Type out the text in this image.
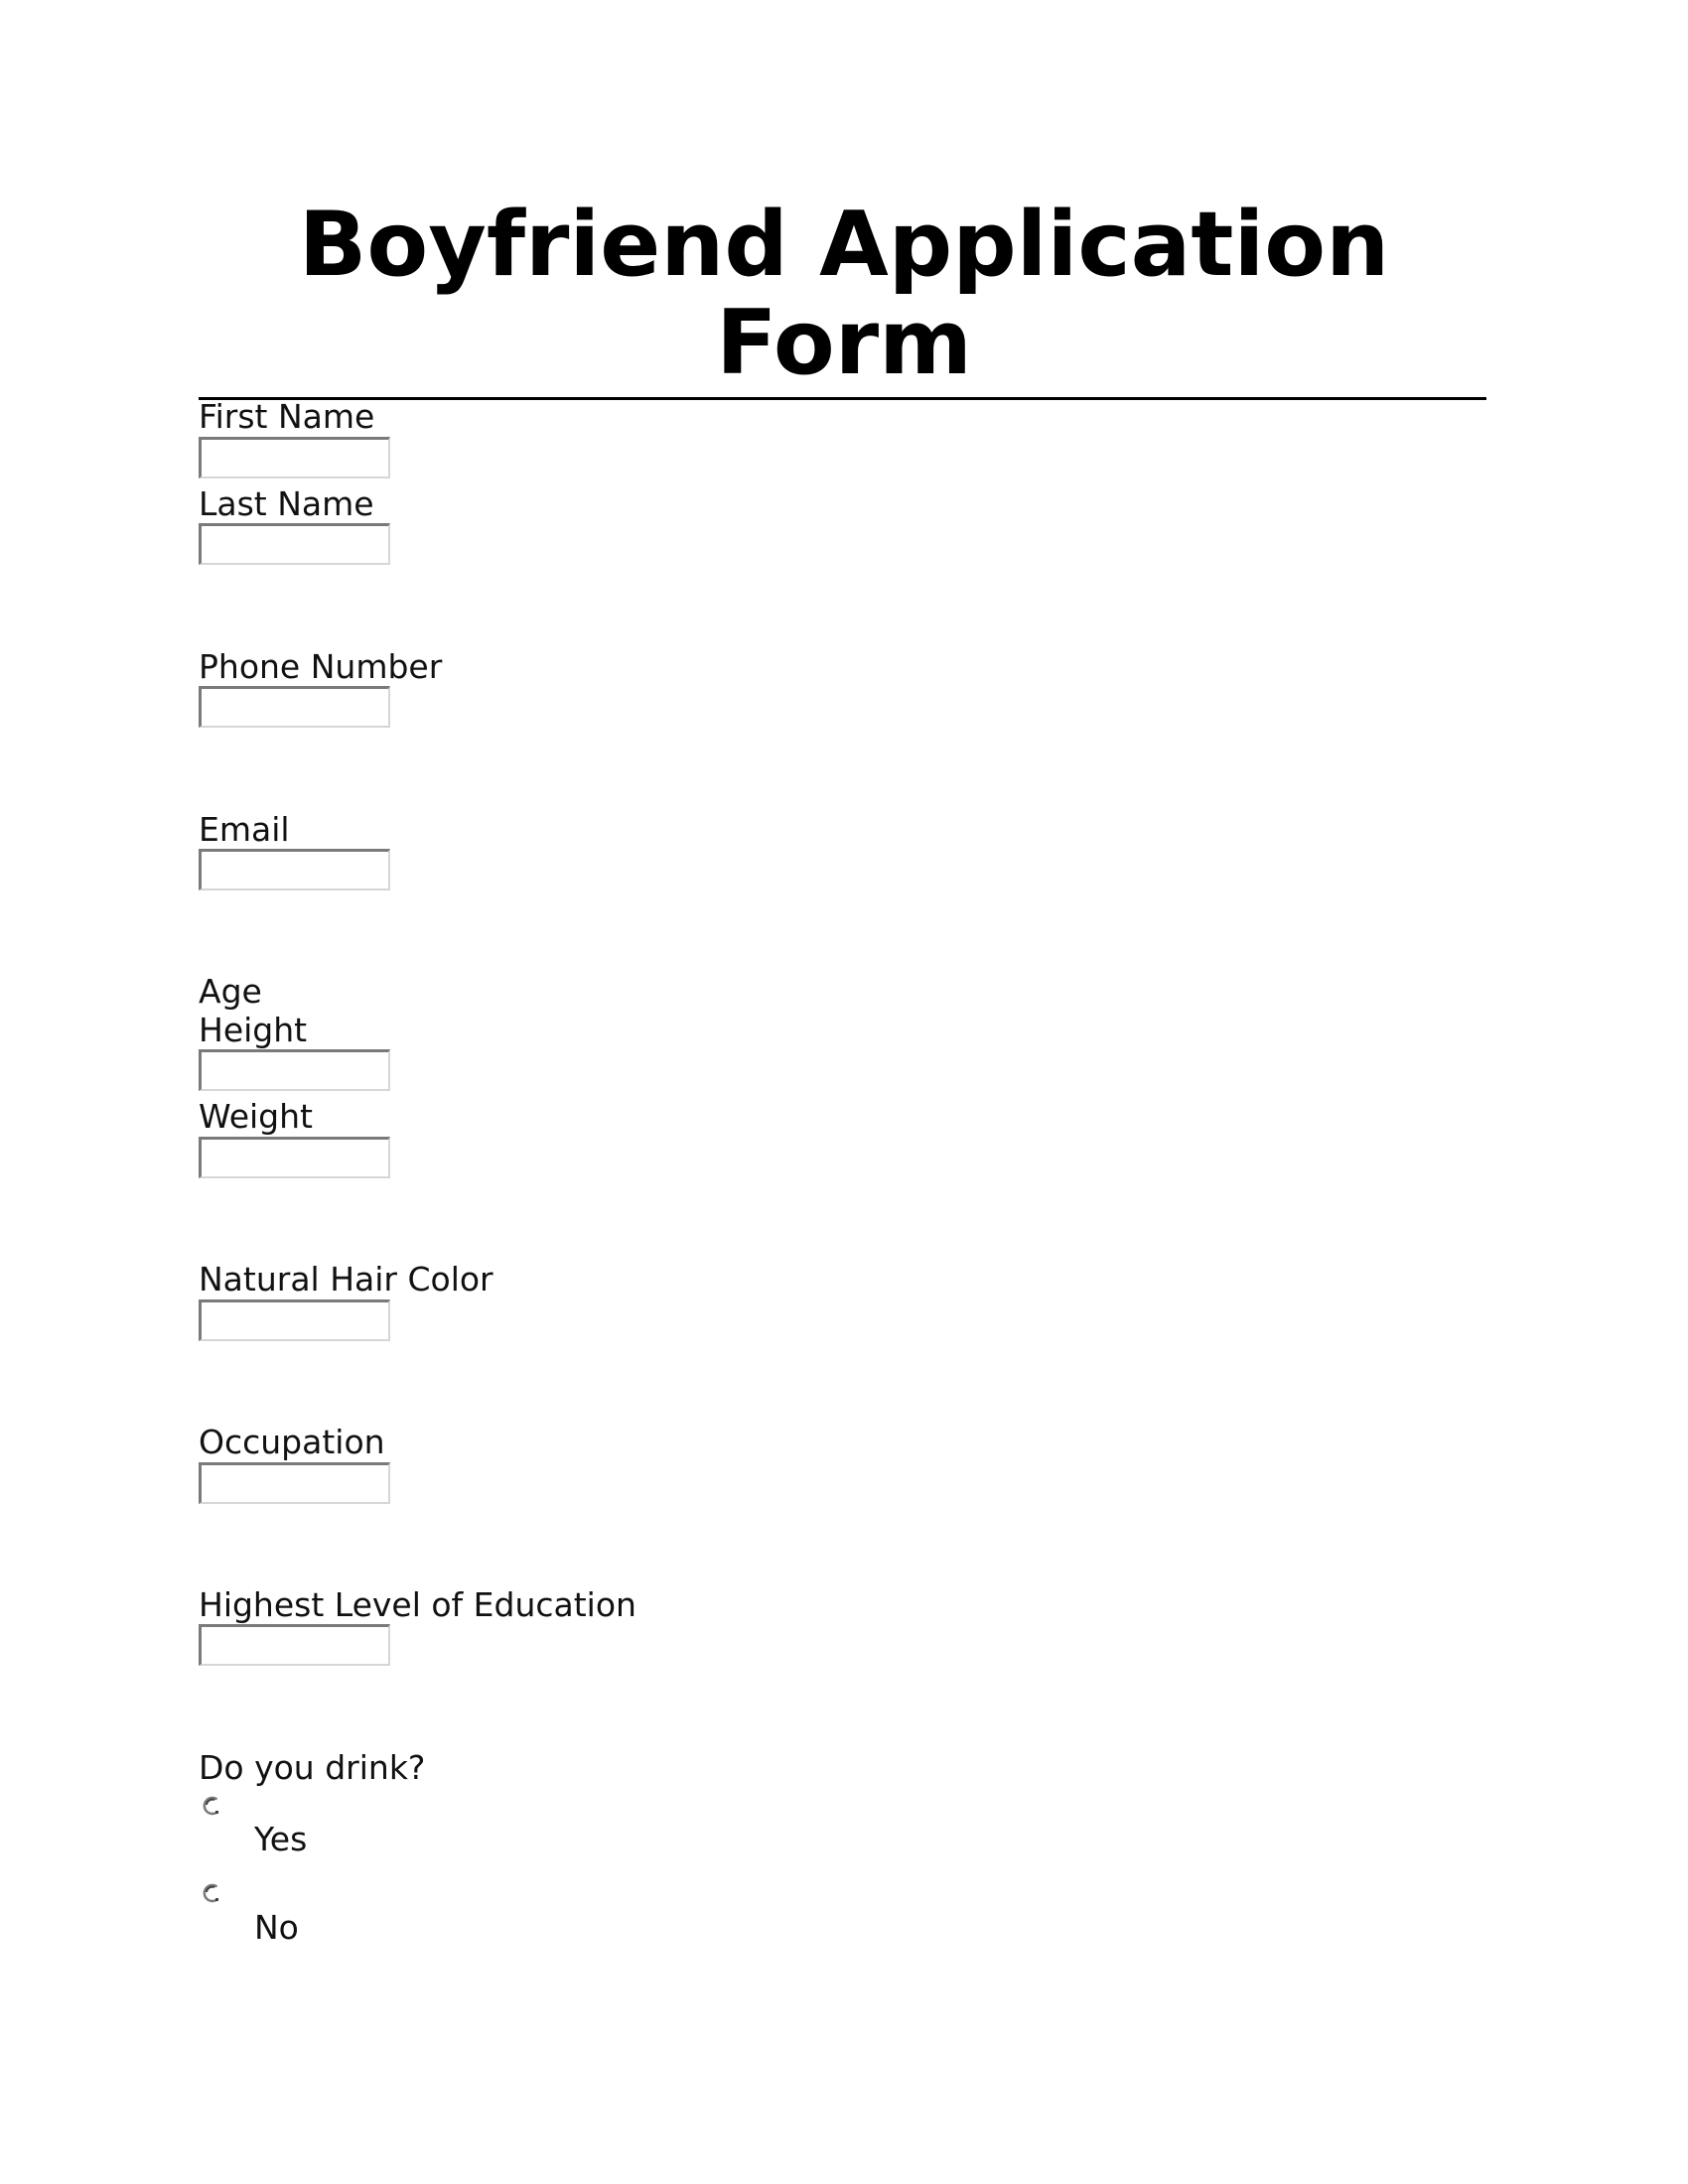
Boyfriend Application
Form
First Name
Last Name
Phone Number
Email
Age
Height
Weight
Natural Hair Color
Occupation
Highest Level of Education
Do you drink?
Yes
No
